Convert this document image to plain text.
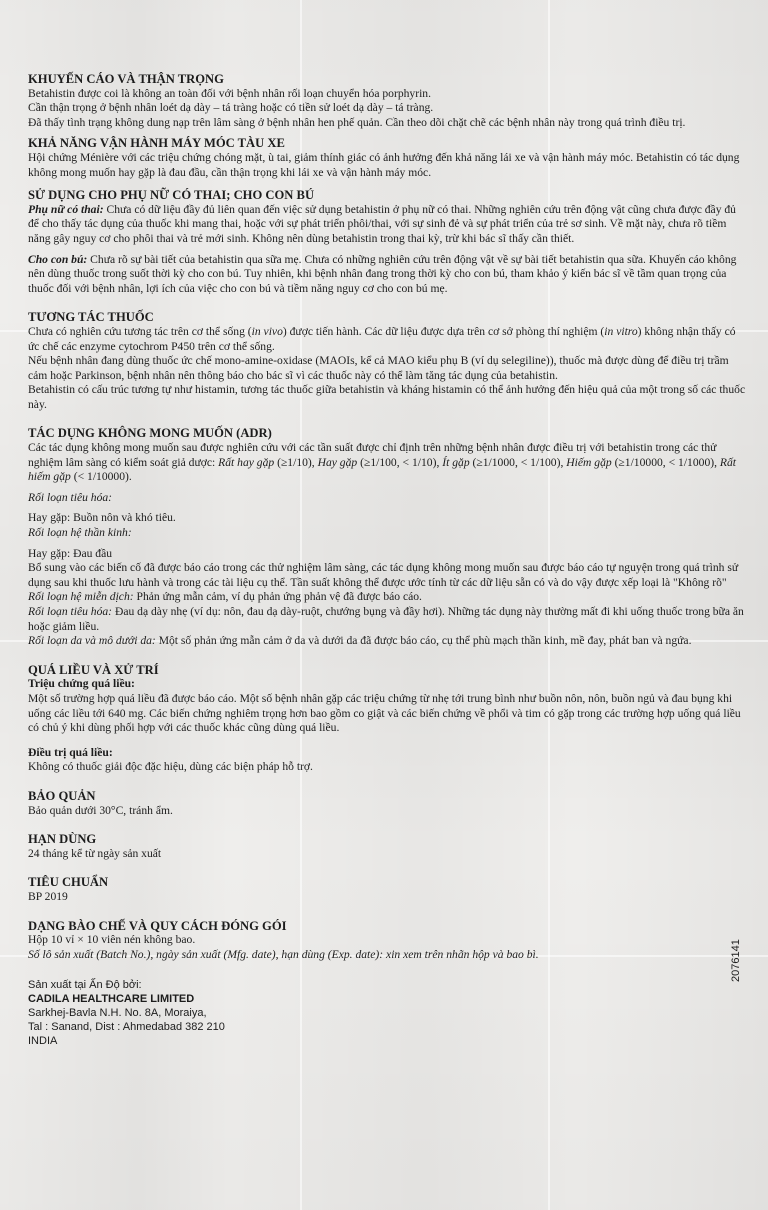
KHUYẾN CÁO VÀ THẬN TRỌNG

Betahistin được coi là không an toàn đối với bệnh nhân rối loạn chuyển hóa porphyrin.

Cần thận trọng ở bệnh nhân loét dạ dày – tá tràng hoặc có tiền sử loét dạ dày – tá tràng.

Đã thấy tình trạng không dung nạp trên lâm sàng ở bệnh nhân hen phế quản. Cần theo dõi chặt chẽ các bệnh nhân này trong quá trình điều trị.

KHẢ NĂNG VẬN HÀNH MÁY MÓC TÀU XE

Hội chứng Ménière với các triệu chứng chóng mặt, ù tai, giảm thính giác có ảnh hưởng đến khả năng lái xe và vận hành máy móc. Betahistin có tác dụng không mong muốn hay gặp là đau đầu, cần thận trọng khi lái xe và vận hành máy móc.

SỬ DỤNG CHO PHỤ NỮ CÓ THAI; CHO CON BÚ

Phụ nữ có thai: Chưa có dữ liệu đầy đủ liên quan đến việc sử dụng betahistin ở phụ nữ có thai. Những nghiên cứu trên động vật cũng chưa được đầy đủ để cho thấy tác dụng của thuốc khi mang thai, hoặc với sự phát triển phôi/thai, với sự sinh đẻ và sự phát triển của trẻ sơ sinh. Về mặt này, chưa rõ tiềm năng gây nguy cơ cho phôi thai và trẻ mới sinh. Không nên dùng betahistin trong thai kỳ, trừ khi bác sĩ thấy cần thiết.

Cho con bú: Chưa rõ sự bài tiết của betahistin qua sữa mẹ. Chưa có những nghiên cứu trên động vật về sự bài tiết betahistin qua sữa. Khuyến cáo không nên dùng thuốc trong suốt thời kỳ cho con bú. Tuy nhiên, khi bệnh nhân đang trong thời kỳ cho con bú, tham khảo ý kiến bác sĩ về tầm quan trọng của thuốc đối với bệnh nhân, lợi ích của việc cho con bú và tiềm năng nguy cơ cho con bú mẹ.

TƯƠNG TÁC THUỐC

Chưa có nghiên cứu tương tác trên cơ thể sống (in vivo) được tiến hành. Các dữ liệu được dựa trên cơ sở phòng thí nghiệm (in vitro) không nhận thấy có ức chế các enzyme cytochrom P450 trên cơ thể sống.

Nếu bệnh nhân đang dùng thuốc ức chế mono-amine-oxidase (MAOIs, kể cả MAO kiểu phụ B (ví dụ selegiline)), thuốc mà được dùng để điều trị trầm cảm hoặc Parkinson, bệnh nhân nên thông báo cho bác sĩ vì các thuốc này có thể làm tăng tác dụng của betahistin.

Betahistin có cấu trúc tương tự như histamin, tương tác thuốc giữa betahistin và kháng histamin có thể ảnh hưởng đến hiệu quả của một trong số các thuốc này.

TÁC DỤNG KHÔNG MONG MUỐN (ADR)

Các tác dụng không mong muốn sau được nghiên cứu với các tần suất được chỉ định trên những bệnh nhân được điều trị với betahistin trong các thử nghiệm lâm sàng có kiểm soát giả dược: Rất hay gặp (≥1/10), Hay gặp (≥1/100, < 1/10), Ít gặp (≥1/1000, < 1/100), Hiếm gặp (≥1/10000, < 1/1000), Rất hiếm gặp (< 1/10000).

Rối loạn tiêu hóa:

Hay gặp: Buồn nôn và khó tiêu.

Rối loạn hệ thần kinh:

Hay gặp: Đau đầu

Bổ sung vào các biến cố đã được báo cáo trong các thử nghiệm lâm sàng, các tác dụng không mong muốn sau được báo cáo tự nguyện trong quá trình sử dụng sau khi thuốc lưu hành và trong các tài liệu cụ thể. Tần suất không thể được ước tính từ các dữ liệu sẵn có và do vậy được xếp loại là "Không rõ"

Rối loạn hệ miễn dịch: Phản ứng mẫn cảm, ví dụ phản ứng phản vệ đã được báo cáo.

Rối loạn tiêu hóa: Đau dạ dày nhẹ (ví dụ: nôn, đau dạ dày-ruột, chướng bụng và đầy hơi). Những tác dụng này thường mất đi khi uống thuốc trong bữa ăn hoặc giảm liều.

Rối loạn da và mô dưới da: Một số phản ứng mẫn cảm ở da và dưới da đã được báo cáo, cụ thể phù mạch thần kinh, mề đay, phát ban và ngứa.

QUÁ LIỀU VÀ XỬ TRÍ

Triệu chứng quá liều:

Một số trường hợp quá liều đã được báo cáo. Một số bệnh nhân gặp các triệu chứng từ nhẹ tới trung bình như buồn nôn, nôn, buồn ngủ và đau bụng khi uống các liều tới 640 mg. Các biến chứng nghiêm trọng hơn bao gồm co giật và các biến chứng về phổi và tim có gặp trong các trường hợp uống quá liều có chủ ý khi dùng phối hợp với các thuốc khác cũng dùng quá liều.

Điều trị quá liều:

Không có thuốc giải độc đặc hiệu, dùng các biện pháp hỗ trợ.

BẢO QUẢN

Bảo quản dưới 30°C, tránh ẩm.

HẠN DÙNG

24 tháng kể từ ngày sản xuất

TIÊU CHUẨN

BP 2019

DẠNG BÀO CHẾ VÀ QUY CÁCH ĐÓNG GÓI

Hộp 10 vỉ × 10 viên nén không bao.

Số lô sản xuất (Batch No.), ngày sản xuất (Mfg. date), hạn dùng (Exp. date): xin xem trên nhãn hộp và bao bì.

Sản xuất tại Ấn Độ bởi:

CADILA HEALTHCARE LIMITED

Sarkhej-Bavla N.H. No. 8A, Moraiya,

Tal : Sanand, Dist : Ahmedabad 382 210

INDIA

2076141
